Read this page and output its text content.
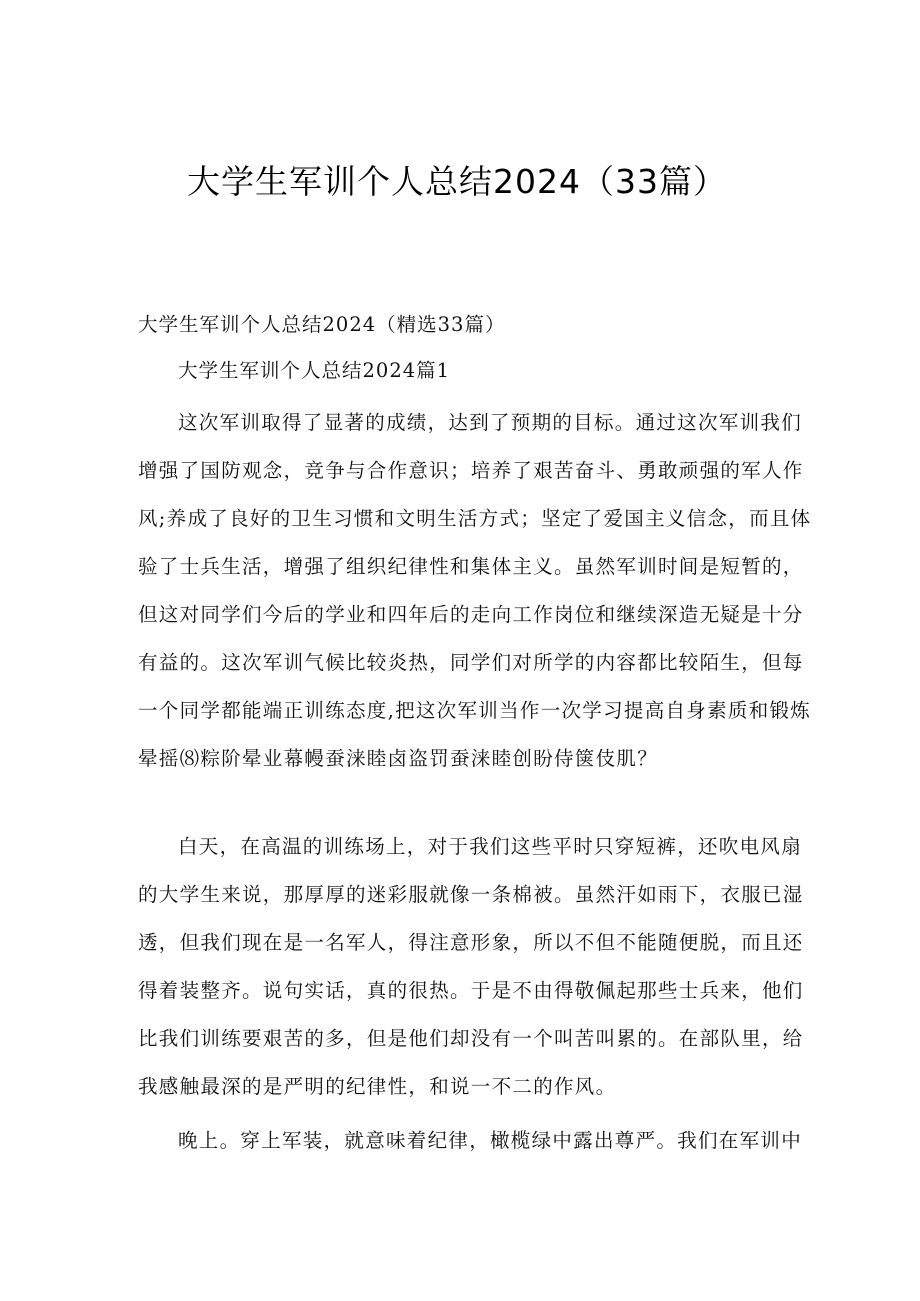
大学生军训个人总结2024（33篇）
大学生军训个人总结2024（精选33篇）
大学生军训个人总结2024篇1
这次军训取得了显著的成绩，达到了预期的目标。通过这次军训我们
增强了国防观念，竞争与合作意识；培养了艰苦奋斗、勇敢顽强的军人作
风;养成了良好的卫生习惯和文明生活方式；坚定了爱国主义信念，而且体
验了士兵生活，增强了组织纪律性和集体主义。虽然军训时间是短暂的，
但这对同学们今后的学业和四年后的走向工作岗位和继续深造无疑是十分
有益的。这次军训气候比较炎热，同学们对所学的内容都比较陌生，但每
一个同学都能端正训练态度,把这次军训当作一次学习提高自身素质和锻炼
晕摇⑻粽阶晕业幕幔蚕涞睦卤盗罚蚕涞睦创盼侍箧伎肌？
白天，在高温的训练场上，对于我们这些平时只穿短裤，还吹电风扇
的大学生来说，那厚厚的迷彩服就像一条棉被。虽然汗如雨下，衣服已湿
透，但我们现在是一名军人，得注意形象，所以不但不能随便脱，而且还
得着装整齐。说句实话，真的很热。于是不由得敬佩起那些士兵来，他们
比我们训练要艰苦的多，但是他们却没有一个叫苦叫累的。在部队里，给
我感触最深的是严明的纪律性，和说一不二的作风。
晚上。穿上军装，就意味着纪律，橄榄绿中露出尊严。我们在军训中
